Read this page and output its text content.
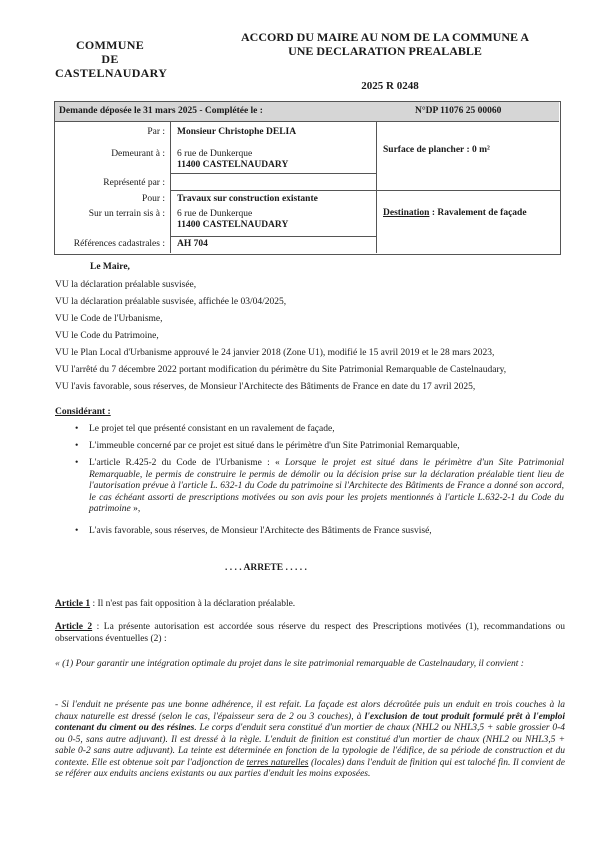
COMMUNE
DE
CASTELNAUDARY
ACCORD DU MAIRE AU NOM DE LA COMMUNE A
UNE DECLARATION PREALABLE
2025 R 0248
Demande déposée le 31 mars 2025 - Complétée le :	N°DP 11076 25 00060
Par :
Demeurant à :
Représenté par :
Pour :
Sur un terrain sis à :
Références cadastrales :
Monsieur Christophe DELIA
6 rue de Dunkerque
11400 CASTELNAUDARY
Travaux sur construction existante
6 rue de Dunkerque
11400 CASTELNAUDARY
AH 704
Surface de plancher : 0 m²
Destination : Ravalement de façade
Le Maire,
VU la déclaration préalable susvisée,
VU la déclaration préalable susvisée, affichée le 03/04/2025,
VU le Code de l'Urbanisme,
VU le Code du Patrimoine,
VU le Plan Local d'Urbanisme approuvé le 24 janvier 2018 (Zone U1), modifié le 15 avril 2019 et le 28 mars 2023,
VU l'arrêté du 7 décembre 2022 portant modification du périmètre du Site Patrimonial Remarquable de Castelnaudary,
VU l'avis favorable, sous réserves, de Monsieur l'Architecte des Bâtiments de France en date du 17 avril 2025,
Considérant :
• Le projet tel que présenté consistant en un ravalement de façade,
• L'immeuble concerné par ce projet est situé dans le périmètre d'un Site Patrimonial Remarquable,
• L'article R.425-2 du Code de l'Urbanisme : « Lorsque le projet est situé dans le périmètre d'un Site Patrimonial Remarquable, le permis de construire le permis de démolir ou la décision prise sur la déclaration préalable tient lieu de l'autorisation prévue à l'article L. 632-1 du Code du patrimoine si l'Architecte des Bâtiments de France a donné son accord, le cas échéant assorti de prescriptions motivées ou son avis pour les projets mentionnés à l'article L.632-2-1 du Code du patrimoine »,
• L'avis favorable, sous réserves, de Monsieur l'Architecte des Bâtiments de France susvisé,
. . . . ARRETE . . . . .
Article 1 : Il n'est pas fait opposition à la déclaration préalable.
Article 2 : La présente autorisation est accordée sous réserve du respect des Prescriptions motivées (1), recommandations ou observations éventuelles (2) :
« (1) Pour garantir une intégration optimale du projet dans le site patrimonial remarquable de Castelnaudary, il convient :
- Si l'enduit ne présente pas une bonne adhérence, il est refait. La façade est alors décroûtée puis un enduit en trois couches à la chaux naturelle est dressé (selon le cas, l'épaisseur sera de 2 ou 3 couches), à l'exclusion de tout produit formulé prêt à l'emploi contenant du ciment ou des résines. Le corps d'enduit sera constitué d'un mortier de chaux (NHL2 ou NHL3,5 + sable grossier 0-4 ou 0-5, sans autre adjuvant). Il est dressé à la règle. L'enduit de finition est constitué d'un mortier de chaux (NHL2 ou NHL3,5 + sable 0-2 sans autre adjuvant). La teinte est déterminée en fonction de la typologie de l'édifice, de sa période de construction et du contexte. Elle est obtenue soit par l'adjonction de terres naturelles (locales) dans l'enduit de finition qui est taloché fin. Il convient de se référer aux enduits anciens existants ou aux parties d'enduit les moins exposées.
